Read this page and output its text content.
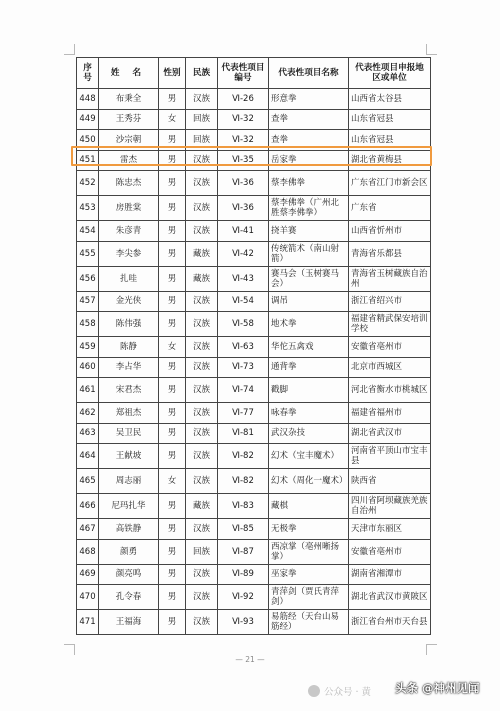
序号	姓 名	性别	民族	代表性项目编号	代表性项目名称	代表性项目申报地区或单位
448	布秉全	男	汉族	Ⅵ-26	形意拳	山西省太谷县
449	王秀芬	女	回族	Ⅵ-32	查拳	山东省冠县
450	沙宗朝	男	回族	Ⅵ-32	查拳	山东省冠县
451	雷杰	男	汉族	Ⅵ-35	岳家拳	湖北省黄梅县
452	陈忠杰	男	汉族	Ⅵ-36	蔡李佛拳	广东省江门市新会区
453	房胜棠	男	汉族	Ⅵ-36	蔡李佛拳（广州北胜蔡李佛拳）	广东省
454	朱彦青	男	汉族	Ⅵ-41	挠羊赛	山西省忻州市
455	李尖参	男	藏族	Ⅵ-42	传统箭术（南山射箭）	青海省乐都县
456	扎哇	男	藏族	Ⅵ-43	赛马会（玉树赛马会）	青海省玉树藏族自治州
457	金光侠	男	汉族	Ⅵ-54	调吊	浙江省绍兴市
458	陈伟强	男	汉族	Ⅵ-58	地术拳	福建省精武保安培训学校
459	陈静	女	汉族	Ⅵ-63	华佗五禽戏	安徽省亳州市
460	李占华	男	汉族	Ⅵ-73	通背拳	北京市西城区
461	宋君杰	男	汉族	Ⅵ-74	戳脚	河北省衡水市桃城区
462	郑祖杰	男	汉族	Ⅵ-77	咏春拳	福建省福州市
463	吴卫民	男	汉族	Ⅵ-81	武汉杂技	湖北省武汉市
464	王献坡	男	汉族	Ⅵ-82	幻术（宝丰魔术）	河南省平顶山市宝丰县
465	周志丽	女	汉族	Ⅵ-82	幻术（周化一魔术）	陕西省
466	尼玛扎华	男	藏族	Ⅵ-83	藏棋	四川省阿坝藏族羌族自治州
467	高铁静	男	汉族	Ⅵ-85	无极拳	天津市东丽区
468	颜勇	男	回族	Ⅵ-87	西凉掌（亳州晰扬掌）	安徽省亳州市
469	颜亮鸣	男	汉族	Ⅵ-89	巫家拳	湖南省湘潭市
470	孔令春	男	汉族	Ⅵ-92	青萍剑（贾氏青萍剑）	湖北省武汉市黄陂区
471	王福海	男	汉族	Ⅵ-93	易筋经（天台山易筋经）	浙江省台州市天台县
— 21 —
公众号 · 黄 头条 @神州见闻
